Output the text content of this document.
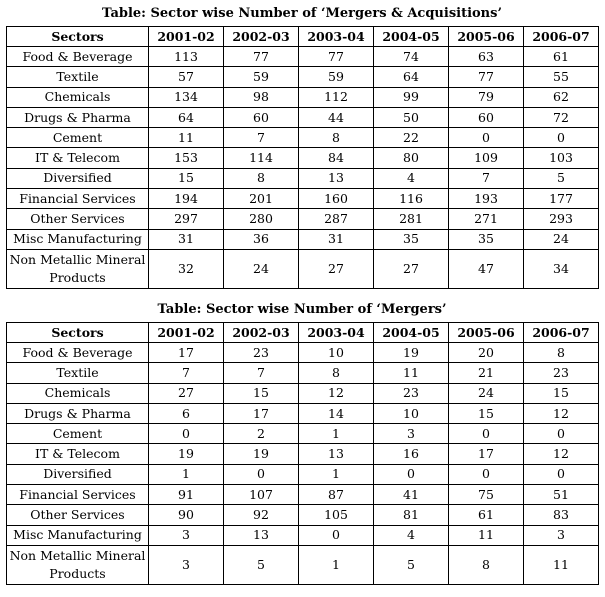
Table: Sector wise Number of ‘Mergers & Acquisitions’
Sectors	2001-02	2002-03	2003-04	2004-05	2005-06	2006-07
Food & Beverage	113	77	77	74	63	61
Textile	57	59	59	64	77	55
Chemicals	134	98	112	99	79	62
Drugs & Pharma	64	60	44	50	60	72
Cement	11	7	8	22	0	0
IT & Telecom	153	114	84	80	109	103
Diversified	15	8	13	4	7	5
Financial Services	194	201	160	116	193	177
Other Services	297	280	287	281	271	293
Misc Manufacturing	31	36	31	35	35	24
Non Metallic Mineral Products	32	24	27	27	47	34
Table: Sector wise Number of ‘Mergers’
Sectors	2001-02	2002-03	2003-04	2004-05	2005-06	2006-07
Food & Beverage	17	23	10	19	20	8
Textile	7	7	8	11	21	23
Chemicals	27	15	12	23	24	15
Drugs & Pharma	6	17	14	10	15	12
Cement	0	2	1	3	0	0
IT & Telecom	19	19	13	16	17	12
Diversified	1	0	1	0	0	0
Financial Services	91	107	87	41	75	51
Other Services	90	92	105	81	61	83
Misc Manufacturing	3	13	0	4	11	3
Non Metallic Mineral Products	3	5	1	5	8	11
